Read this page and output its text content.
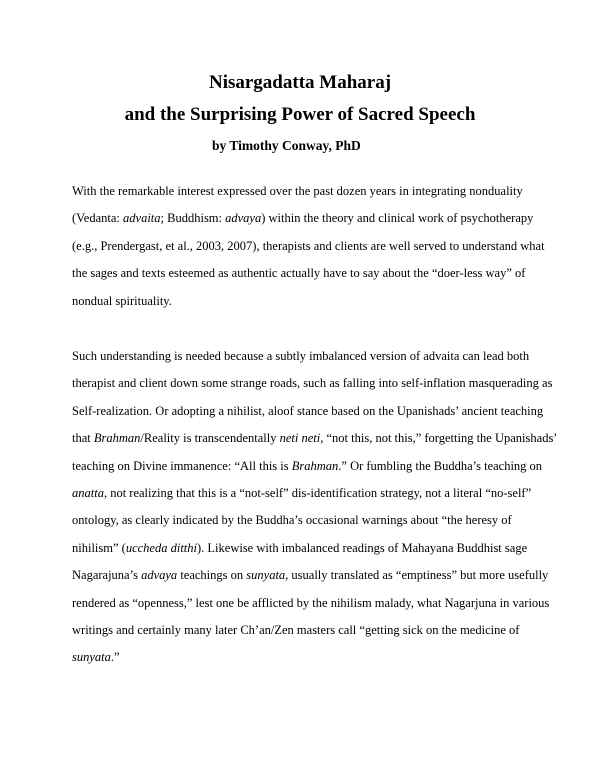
Nisargadatta Maharaj
and the Surprising Power of Sacred Speech

by Timothy Conway, PhD

With the remarkable interest expressed over the past dozen years in integrating nonduality
(Vedanta: advaita; Buddhism: advaya) within the theory and clinical work of psychotherapy
(e.g., Prendergast, et al., 2003, 2007), therapists and clients are well served to understand what
the sages and texts esteemed as authentic actually have to say about the “doer-less way” of
nondual spirituality.
Such understanding is needed because a subtly imbalanced version of advaita can lead both
therapist and client down some strange roads, such as falling into self-inflation masquerading as
Self-realization. Or adopting a nihilist, aloof stance based on the Upanishads’ ancient teaching
that Brahman/Reality is transcendentally neti neti, “not this, not this,” forgetting the Upanishads’
teaching on Divine immanence: “All this is Brahman.” Or fumbling the Buddha’s teaching on
anatta, not realizing that this is a “not-self” dis-identification strategy, not a literal “no-self”
ontology, as clearly indicated by the Buddha’s occasional warnings about “the heresy of
nihilism” (uccheda ditthi). Likewise with imbalanced readings of Mahayana Buddhist sage
Nagarajuna’s advaya teachings on sunyata, usually translated as “emptiness” but more usefully
rendered as “openness,” lest one be afflicted by the nihilism malady, what Nagarjuna in various
writings and certainly many later Ch’an/Zen masters call “getting sick on the medicine of
sunyata.”
